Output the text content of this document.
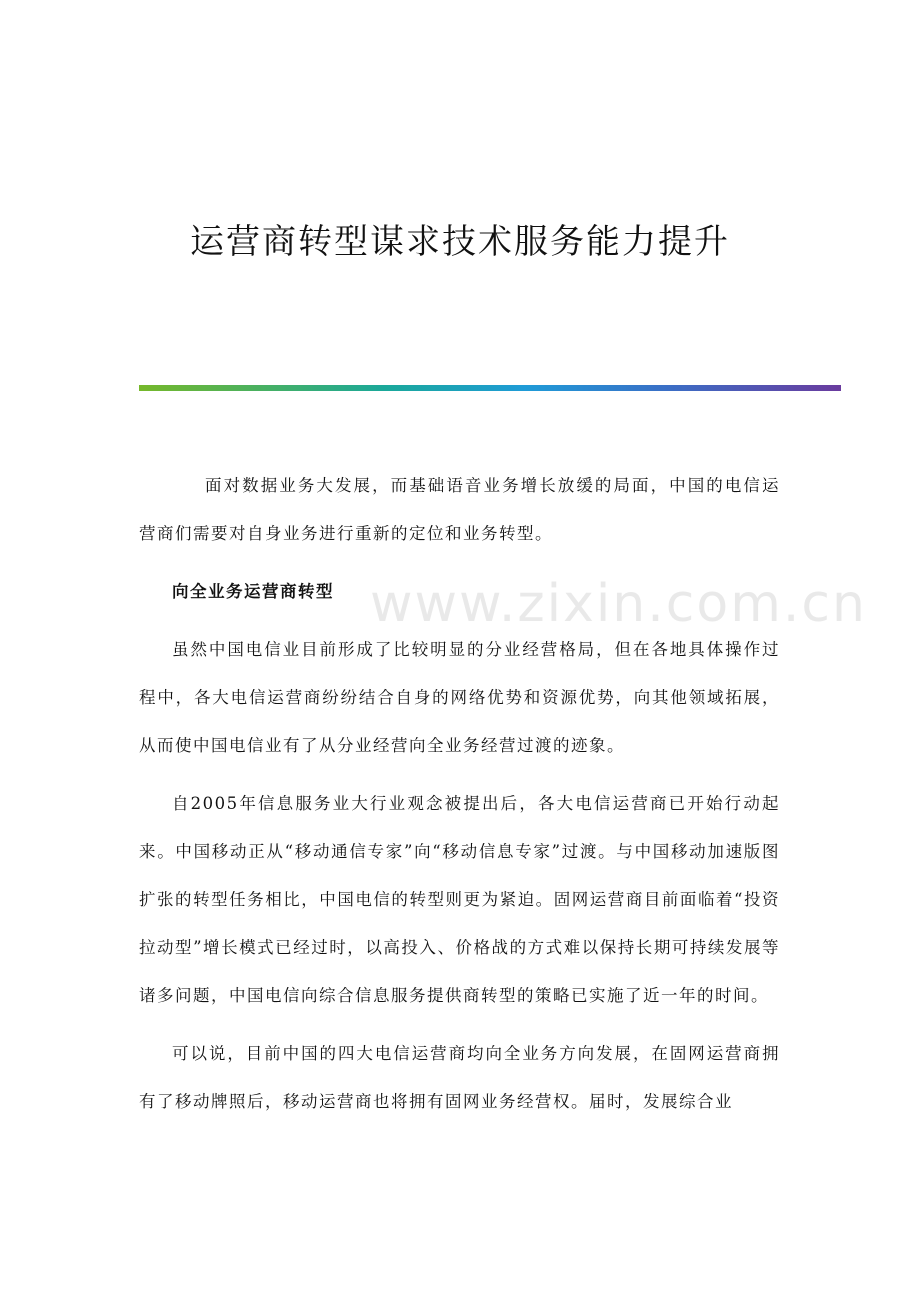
运营商转型谋求技术服务能力提升
www.zixin.com.cn

面对数据业务大发展，而基础语音业务增长放缓的局面，中国的电信运营商们需要对自身业务进行重新的定位和业务转型。

向全业务运营商转型

虽然中国电信业目前形成了比较明显的分业经营格局，但在各地具体操作过程中，各大电信运营商纷纷结合自身的网络优势和资源优势，向其他领域拓展，从而使中国电信业有了从分业经营向全业务经营过渡的迹象。

自2005年信息服务业大行业观念被提出后，各大电信运营商已开始行动起来。中国移动正从“移动通信专家”向“移动信息专家”过渡。与中国移动加速版图扩张的转型任务相比，中国电信的转型则更为紧迫。固网运营商目前面临着“投资拉动型”增长模式已经过时，以高投入、价格战的方式难以保持长期可持续发展等诸多问题，中国电信向综合信息服务提供商转型的策略已实施了近一年的时间。

可以说，目前中国的四大电信运营商均向全业务方向发展，在固网运营商拥有了移动牌照后，移动运营商也将拥有固网业务经营权。届时，发展综合业
